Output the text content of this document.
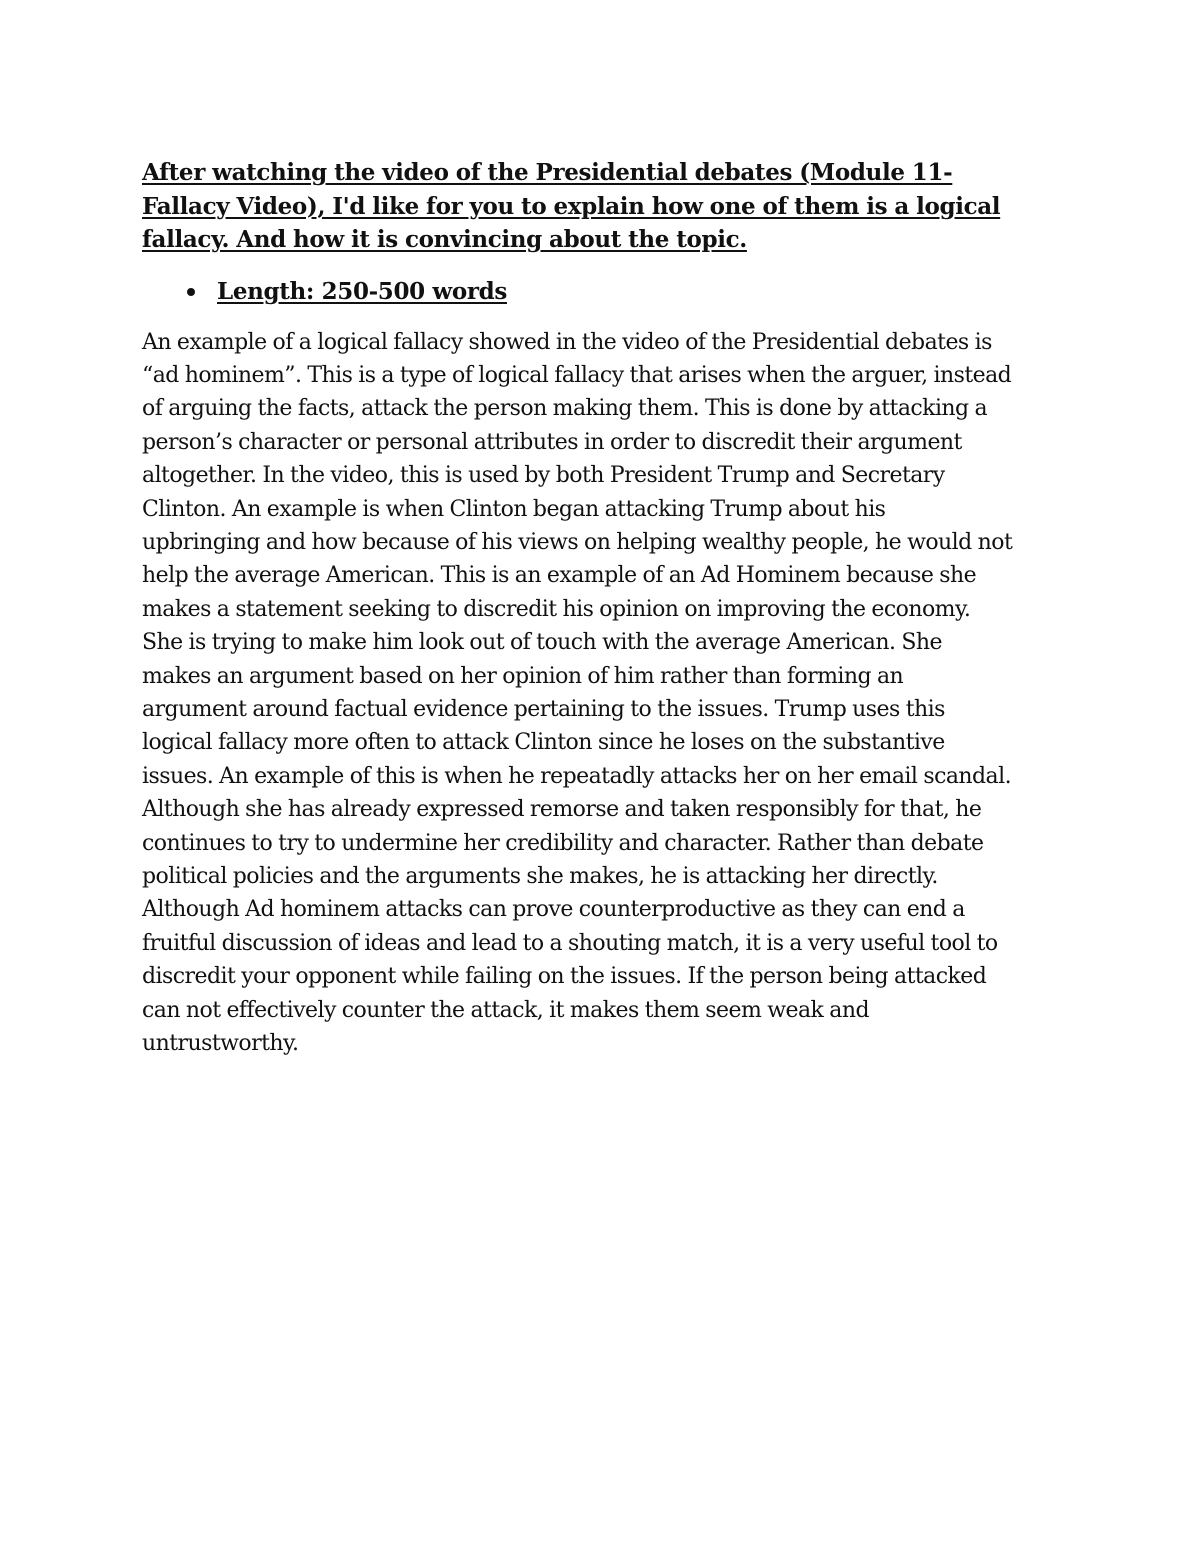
After watching the video of the Presidential debates (Module 11-
Fallacy Video), I'd like for you to explain how one of them is a logical
fallacy. And how it is convincing about the topic.

Length: 250-500 words

An example of a logical fallacy showed in the video of the Presidential debates is
“ad hominem”. This is a type of logical fallacy that arises when the arguer, instead
of arguing the facts, attack the person making them. This is done by attacking a
person’s character or personal attributes in order to discredit their argument
altogether. In the video, this is used by both President Trump and Secretary
Clinton. An example is when Clinton began attacking Trump about his
upbringing and how because of his views on helping wealthy people, he would not
help the average American. This is an example of an Ad Hominem because she
makes a statement seeking to discredit his opinion on improving the economy.
She is trying to make him look out of touch with the average American. She
makes an argument based on her opinion of him rather than forming an
argument around factual evidence pertaining to the issues. Trump uses this
logical fallacy more often to attack Clinton since he loses on the substantive
issues. An example of this is when he repeatadly attacks her on her email scandal.
Although she has already expressed remorse and taken responsibly for that, he
continues to try to undermine her credibility and character. Rather than debate
political policies and the arguments she makes, he is attacking her directly.
Although Ad hominem attacks can prove counterproductive as they can end a
fruitful discussion of ideas and lead to a shouting match, it is a very useful tool to
discredit your opponent while failing on the issues. If the person being attacked
can not effectively counter the attack, it makes them seem weak and
untrustworthy.
